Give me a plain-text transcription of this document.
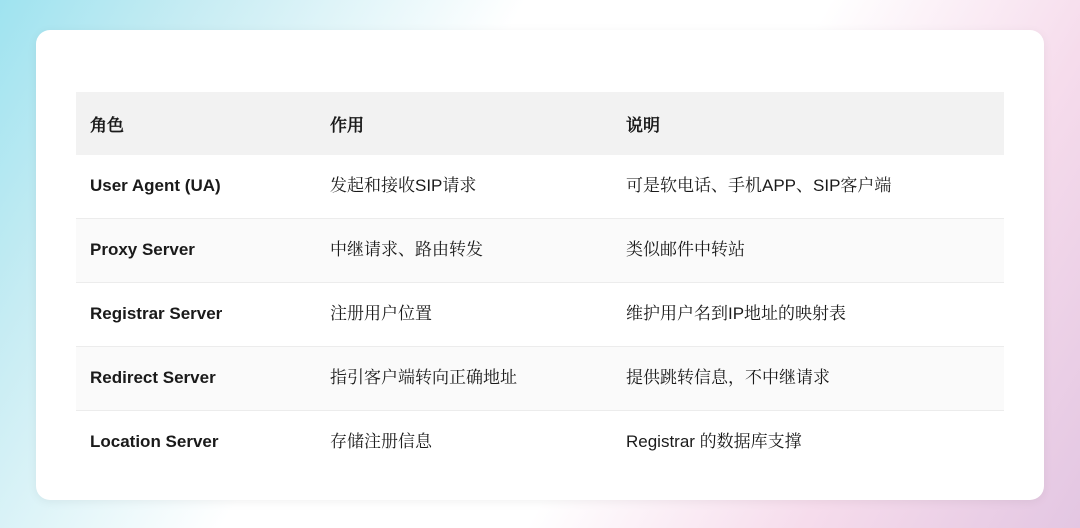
角色	作用	说明
User Agent (UA)	发起和接收SIP请求	可是软电话、手机APP、SIP客户端
Proxy Server	中继请求、路由转发	类似邮件中转站
Registrar Server	注册用户位置	维护用户名到IP地址的映射表
Redirect Server	指引客户端转向正确地址	提供跳转信息，不中继请求
Location Server	存储注册信息	Registrar 的数据库支撑
